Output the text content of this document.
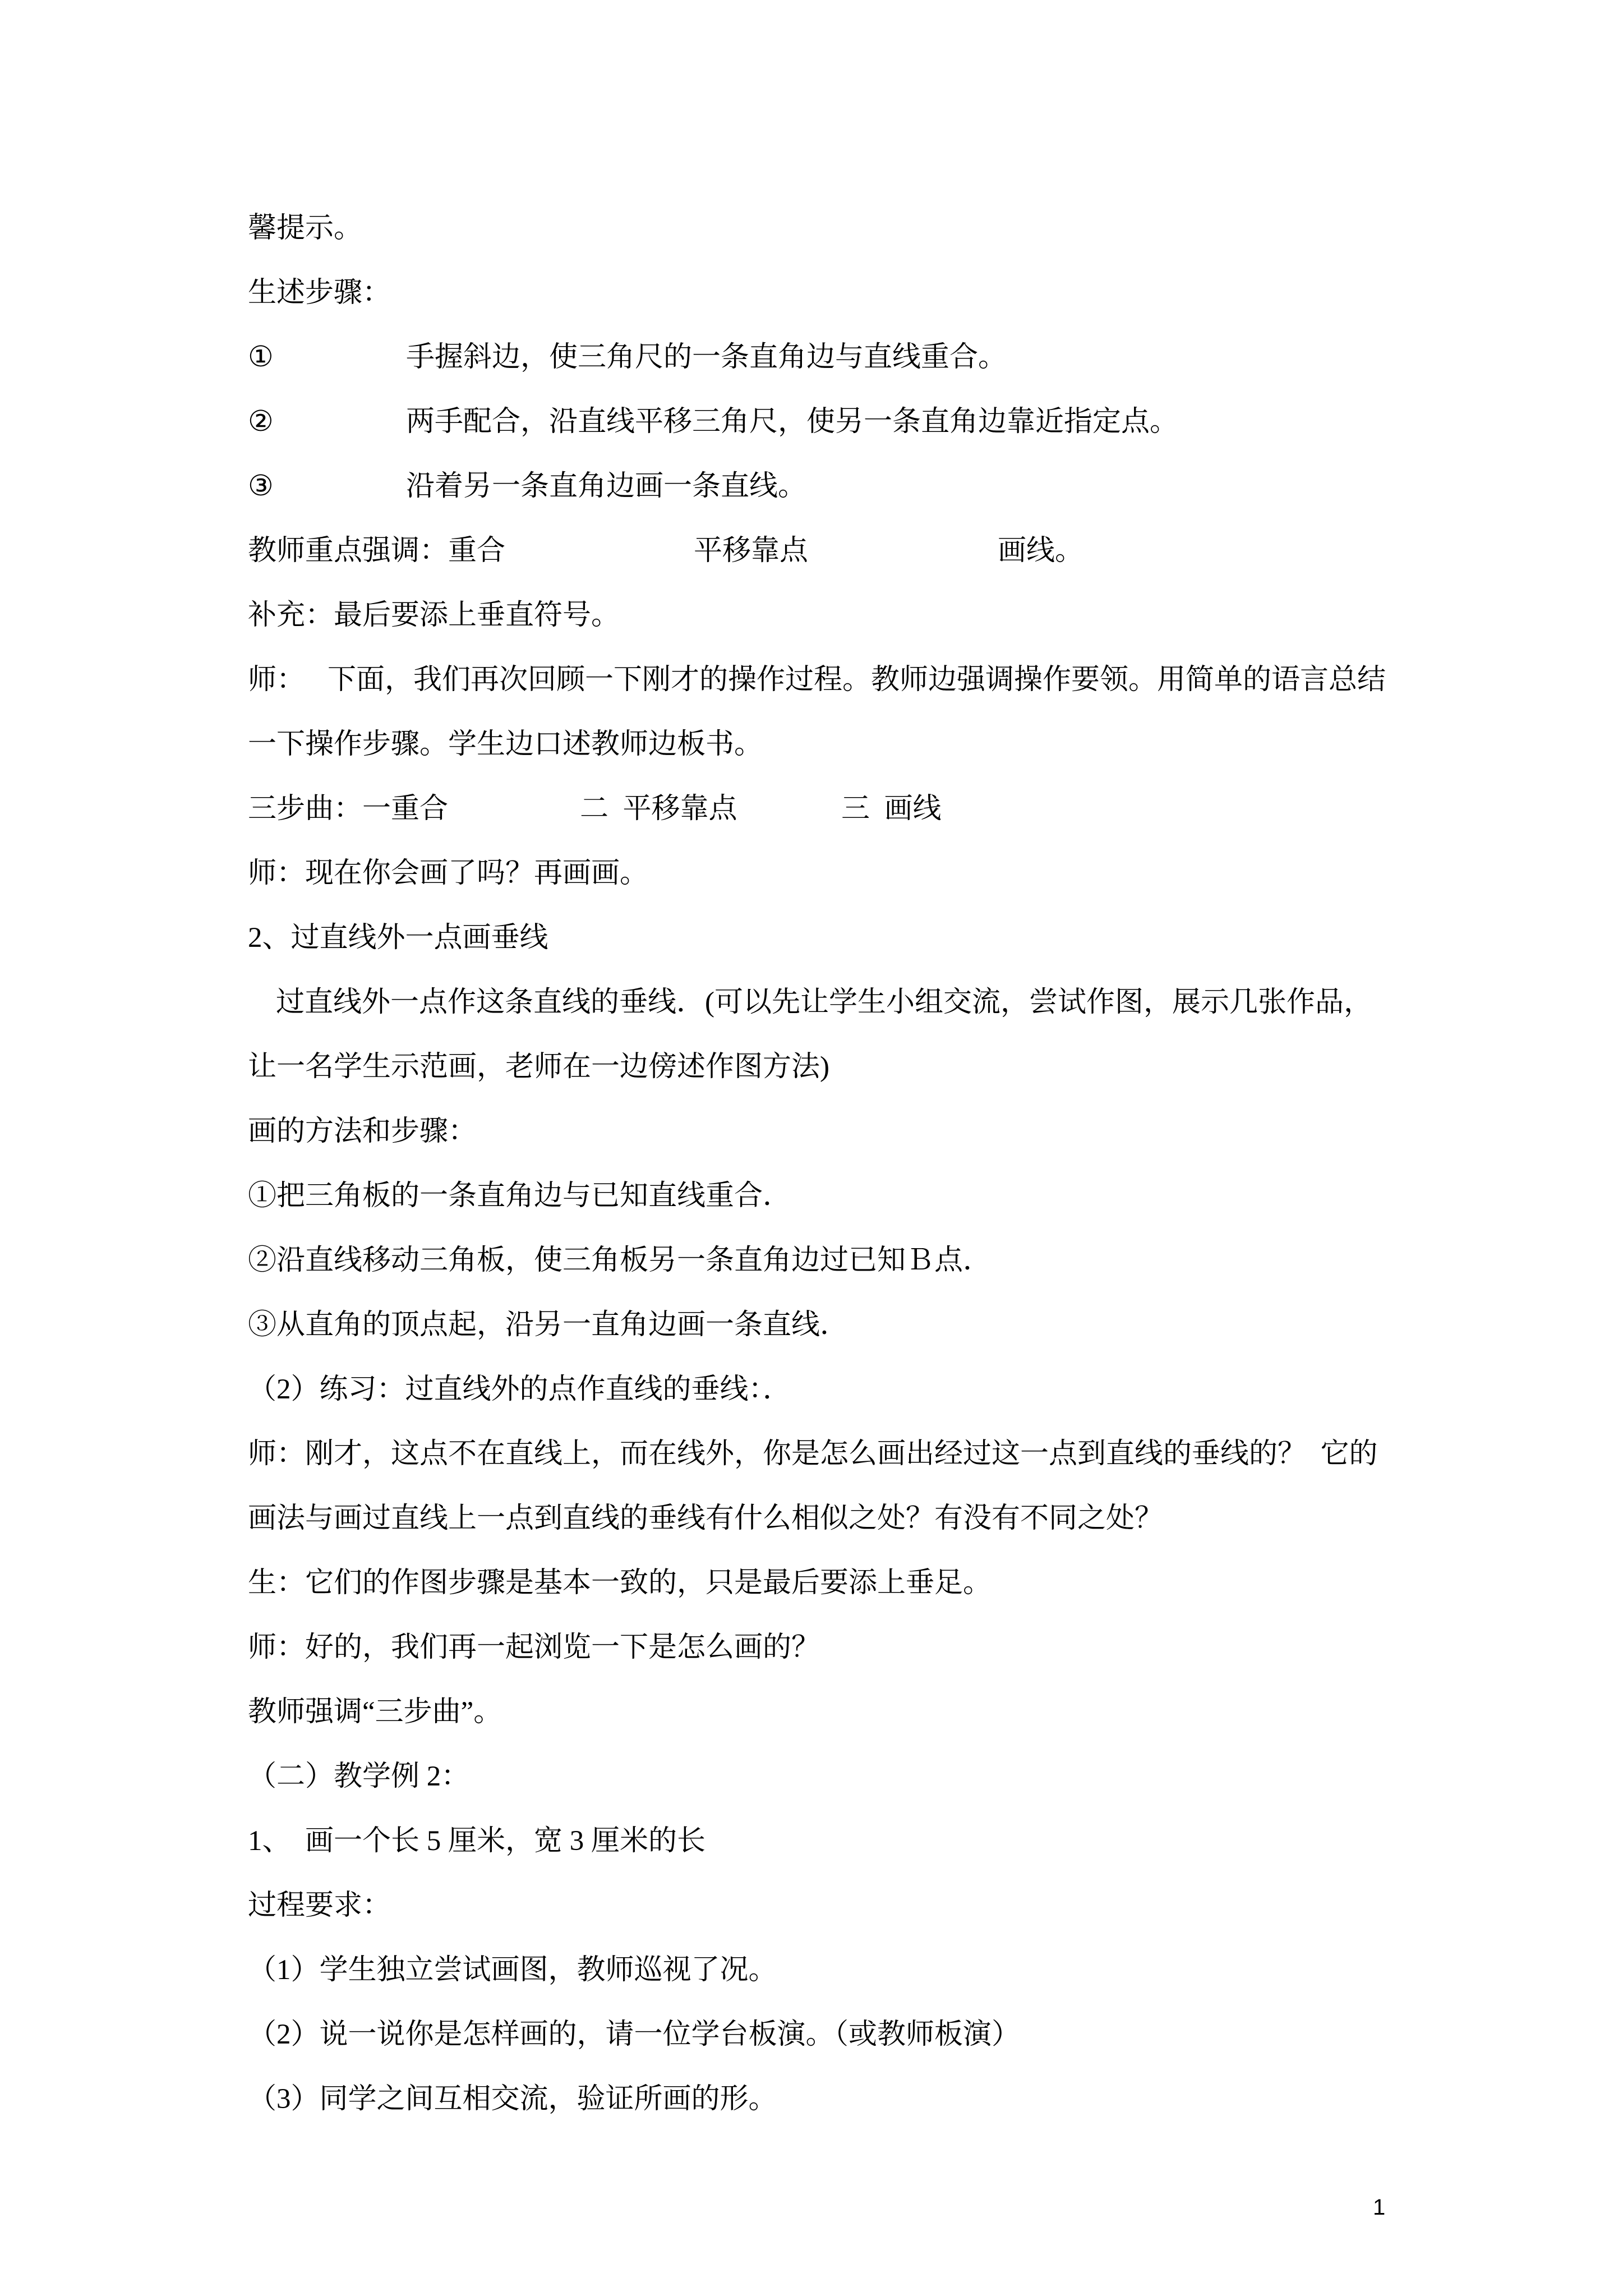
馨提示。
生述步骤：
①	手握斜边，使三角尺的一条直角边与直线重合。
②	两手配合，沿直线平移三角尺，使另一条直角边靠近指定点。
③	沿着另一条直角边画一条直线。
教师重点强调：重合	平移靠点	画线。
补充：最后要添上垂直符号。
师： 下面，我们再次回顾一下刚才的操作过程。教师边强调操作要领。用简单的语言总结
一下操作步骤。学生边口述教师边板书。
三步曲：一重合	二  平移靠点	三  画线
师：现在你会画了吗？再画画。
2、过直线外一点画垂线
过直线外一点作这条直线的垂线．(可以先让学生小组交流，尝试作图，展示几张作品，
让一名学生示范画，老师在一边傍述作图方法)
画的方法和步骤：
①把三角板的一条直角边与已知直线重合．
②沿直线移动三角板，使三角板另一条直角边过已知Ｂ点．
③从直角的顶点起，沿另一直角边画一条直线．
（2）练习：过直线外的点作直线的垂线：．
师：刚才，这点不在直线上，而在线外，你是怎么画出经过这一点到直线的垂线的？  它的
画法与画过直线上一点到直线的垂线有什么相似之处？有没有不同之处？
生：它们的作图步骤是基本一致的，只是最后要添上垂足。
师：好的，我们再一起浏览一下是怎么画的？
教师强调“三步曲”。
（二）教学例 2：
1、  画一个长 5 厘米，宽 3 厘米的长
过程要求：
（1）学生独立尝试画图，教师巡视了况。
（2）说一说你是怎样画的，请一位学台板演。（或教师板演）
（3）同学之间互相交流，验证所画的形。
1
